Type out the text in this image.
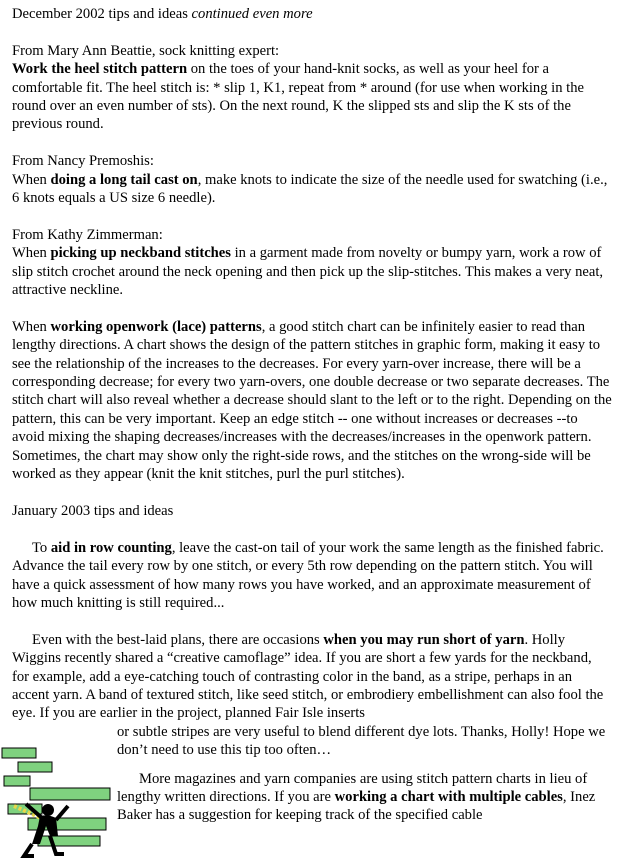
December 2002 tips and ideas continued even more

From Mary Ann Beattie, sock knitting expert:

Work the heel stitch pattern on the toes of your hand-knit socks, as well as your heel for a comfortable fit. The heel stitch is: * slip 1, K1, repeat from * around (for use when working in the round over an even number of sts). On the next round, K the slipped sts and slip the K sts of the previous round.

From Nancy Premoshis:

When doing a long tail cast on, make knots to indicate the size of the needle used for swatching (i.e., 6 knots equals a US size 6 needle).

From Kathy Zimmerman:

When picking up neckband stitches in a garment made from novelty or bumpy yarn, work a row of slip stitch crochet around the neck opening and then pick up the slip-stitches. This makes a very neat, attractive neckline.

When working openwork (lace) patterns, a good stitch chart can be infinitely easier to read than lengthy directions. A chart shows the design of the pattern stitches in graphic form, making it easy to see the relationship of the increases to the decreases. For every yarn-over increase, there will be a corresponding decrease; for every two yarn-overs, one double decrease or two separate decreases. The stitch chart will also reveal whether a decrease should slant to the left or to the right. Depending on the pattern, this can be very important. Keep an edge stitch -- one without increases or decreases --to avoid mixing the shaping decreases/increases with the decreases/increases in the openwork pattern. Sometimes, the chart may show only the right-side rows, and the stitches on the wrong-side will be worked as they appear (knit the knit stitches, purl the purl stitches).

January 2003 tips and ideas

To aid in row counting, leave the cast-on tail of your work the same length as the finished fabric. Advance the tail every row by one stitch, or every 5th row depending on the pattern stitch. You will have a quick assessment of how many rows you have worked, and an approximate measurement of how much knitting is still required...

Even with the best-laid plans, there are occasions when you may run short of yarn. Holly Wiggins recently shared a “creative camoflage” idea. If you are short a few yards for the neckband, for example, add a eye-catching touch of contrasting color in the band, as a stripe, perhaps in an accent yarn. A band of textured stitch, like seed stitch, or embrodiery embellishment can also fool the eye. If you are earlier in the project, planned Fair Isle inserts

or subtle stripes are very useful to blend different dye lots. Thanks, Holly! Hope we don’t need to use this tip too often…

More magazines and yarn companies are using stitch pattern charts in lieu of lengthy written directions. If you are working a chart with multiple cables, Inez Baker has a suggestion for keeping track of the specified cable
